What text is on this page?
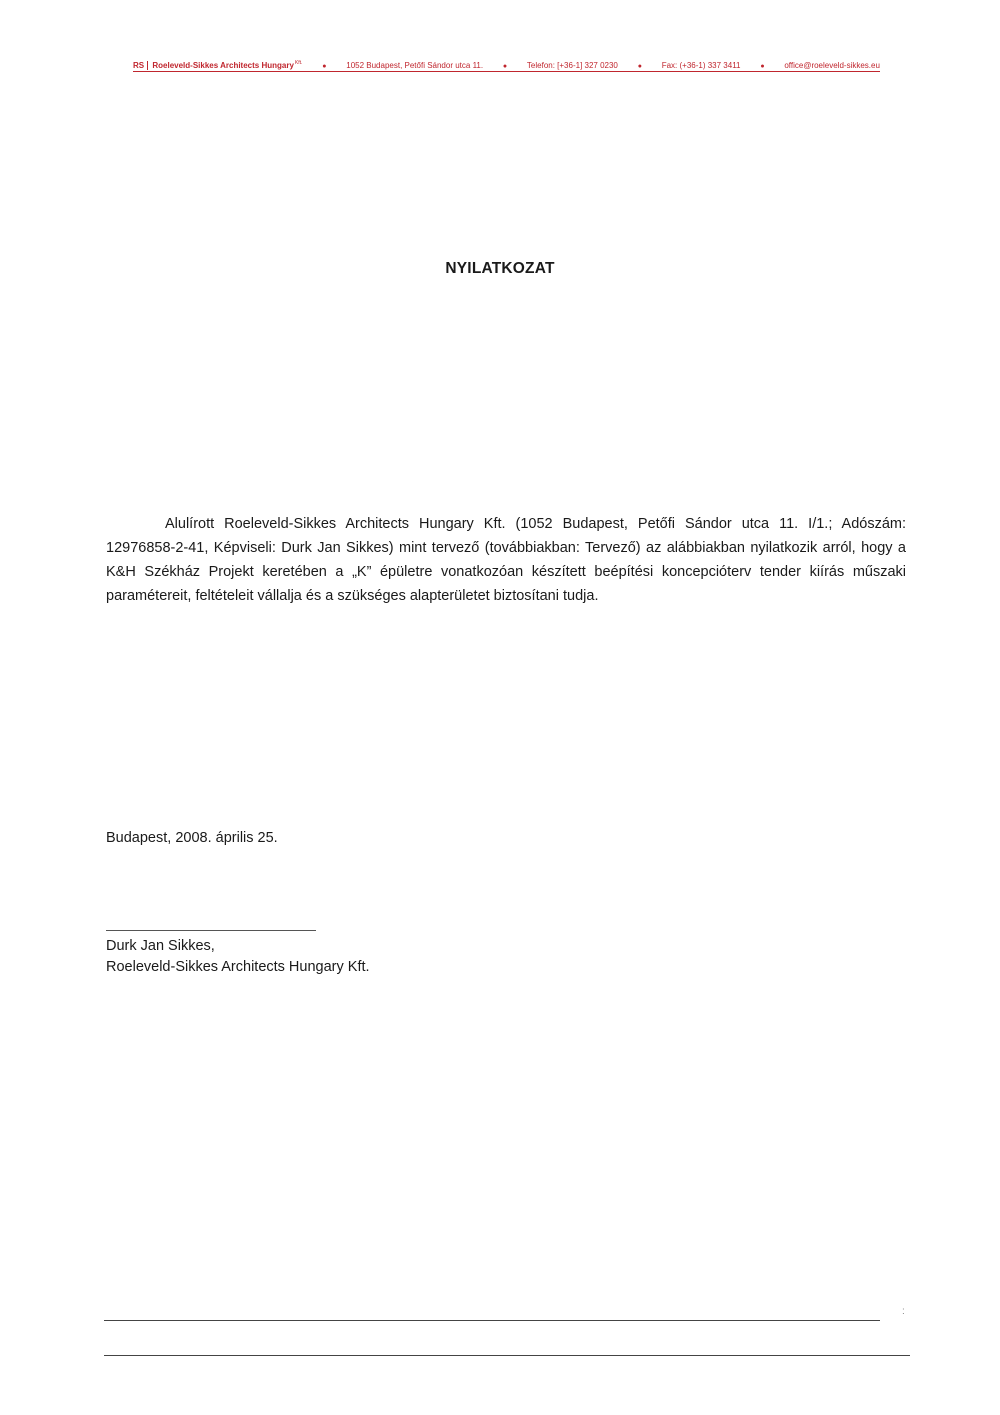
RS Roeleveld-Sikkes Architects Hungary$^{Kft.}$	● 1052 Budapest, Petőfi Sándor utca 11.	● Telefon: [+36-1] 327 0230	● Fax: (+36-1) 337 3411	● office@roeleveld-sikkes.eu
NYILATKOZAT

Alulírott Roeleveld-Sikkes Architects Hungary Kft. (1052 Budapest, Petőfi Sándor utca 11. I/1.; Adószám: 12976858-2-41, Képviseli: Durk Jan Sikkes) mint tervező (továbbiakban: Tervező) az alábbiakban nyilatkozik arról, hogy a K&H Székház Projekt keretében a „K” épületre vonatkozóan készített beépítési koncepcióterv tender kiírás műszaki paramétereit, feltételeit vállalja és a szükséges alapterületet biztosítani tudja.

Budapest, 2008. április 25.
Durk Jan Sikkes,
Roeleveld-Sikkes Architects Hungary Kft.
:
